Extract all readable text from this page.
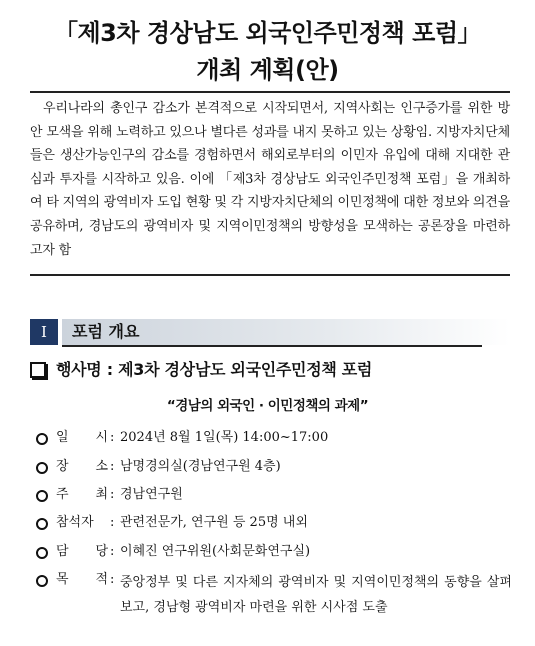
「제3차 경상남도 외국인주민정책 포럼」
개최 계획(안)

우리나라의 총인구 감소가 본격적으로 시작되면서, 지역사회는 인구증가를 위한 방안 모색을 위해 노력하고 있으나 별다른 성과를 내지 못하고 있는 상황임. 지방자치단체들은 생산가능인구의 감소를 경험하면서 해외로부터의 이민자 유입에 대해 지대한 관심과 투자를 시작하고 있음. 이에 「제3차 경상남도 외국인주민정책 포럼」을 개최하여 타 지역의 광역비자 도입 현황 및 각 지방자치단체의 이민정책에 대한 정보와 의견을 공유하며, 경남도의 광역비자 및 지역이민정책의 방향성을 모색하는 공론장을 마련하고자 함

I	포럼 개요
행사명 : 제3차 경상남도 외국인주민정책 포럼
“경남의 외국인 · 이민정책의 과제”
일 시 : 2024년 8월 1일(목) 14:00~17:00
장 소 : 남명경의실(경남연구원 4층)
주 최 : 경남연구원
참석자 : 관련전문가, 연구원 등 25명 내외
담 당 : 이혜진 연구위원(사회문화연구실)
목 적 : 중앙정부 및 다른 지자체의 광역비자 및 지역이민정책의 동향을 살펴보고, 경남형 광역비자 마련을 위한 시사점 도출
